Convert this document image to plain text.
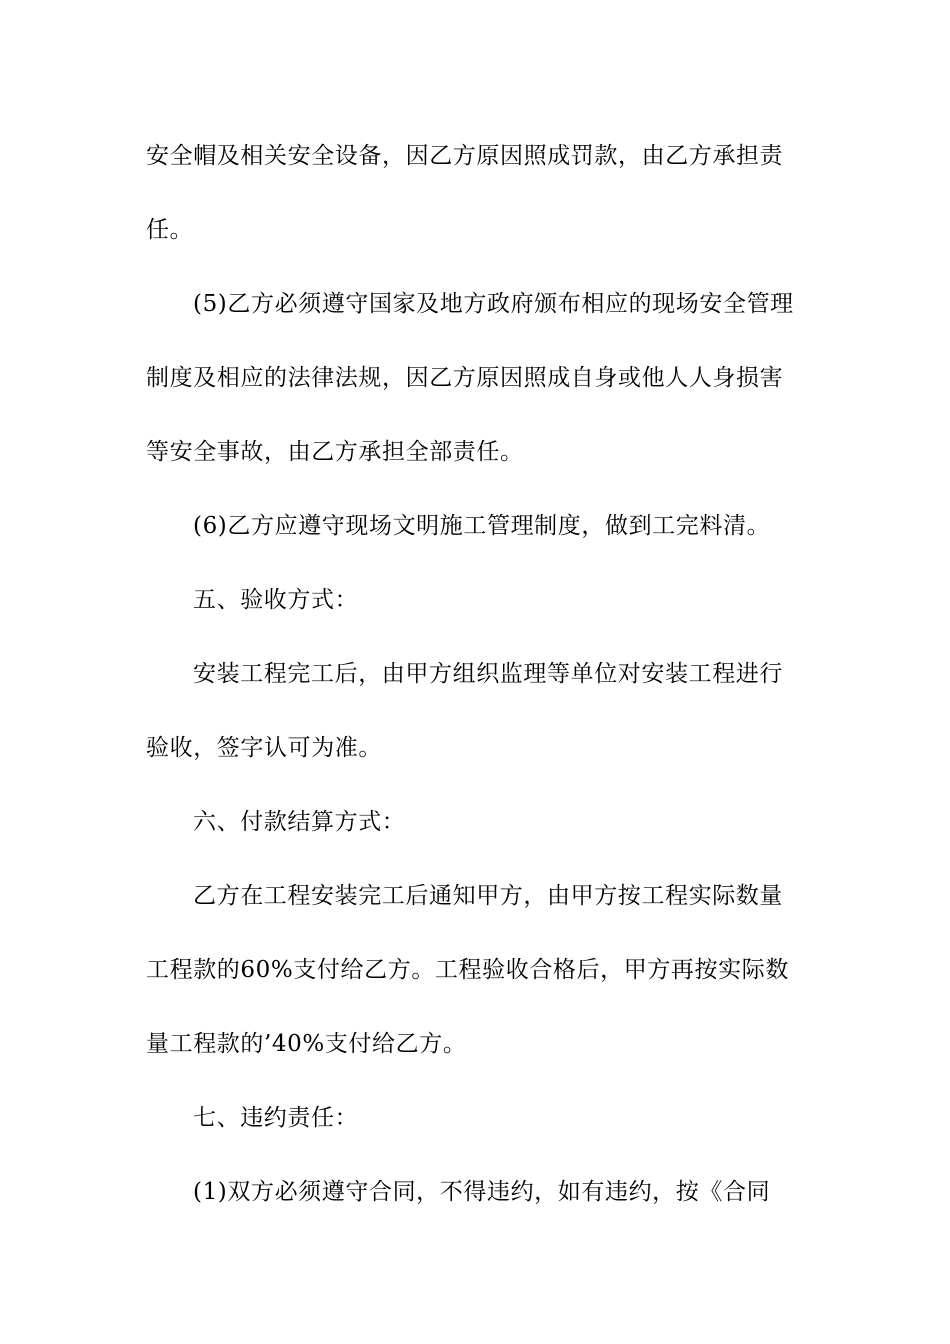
安全帽及相关安全设备，因乙方原因照成罚款，由乙方承担责
任。
(5)乙方必须遵守国家及地方政府颁布相应的现场安全管理
制度及相应的法律法规，因乙方原因照成自身或他人人身损害
等安全事故，由乙方承担全部责任。
(6)乙方应遵守现场文明施工管理制度，做到工完料清。
五、验收方式：
安装工程完工后，由甲方组织监理等单位对安装工程进行
验收，签字认可为准。
六、付款结算方式：
乙方在工程安装完工后通知甲方，由甲方按工程实际数量
工程款的60%支付给乙方。工程验收合格后，甲方再按实际数
量工程款的’40%支付给乙方。
七、违约责任：
(1)双方必须遵守合同，不得违约，如有违约，按《合同
